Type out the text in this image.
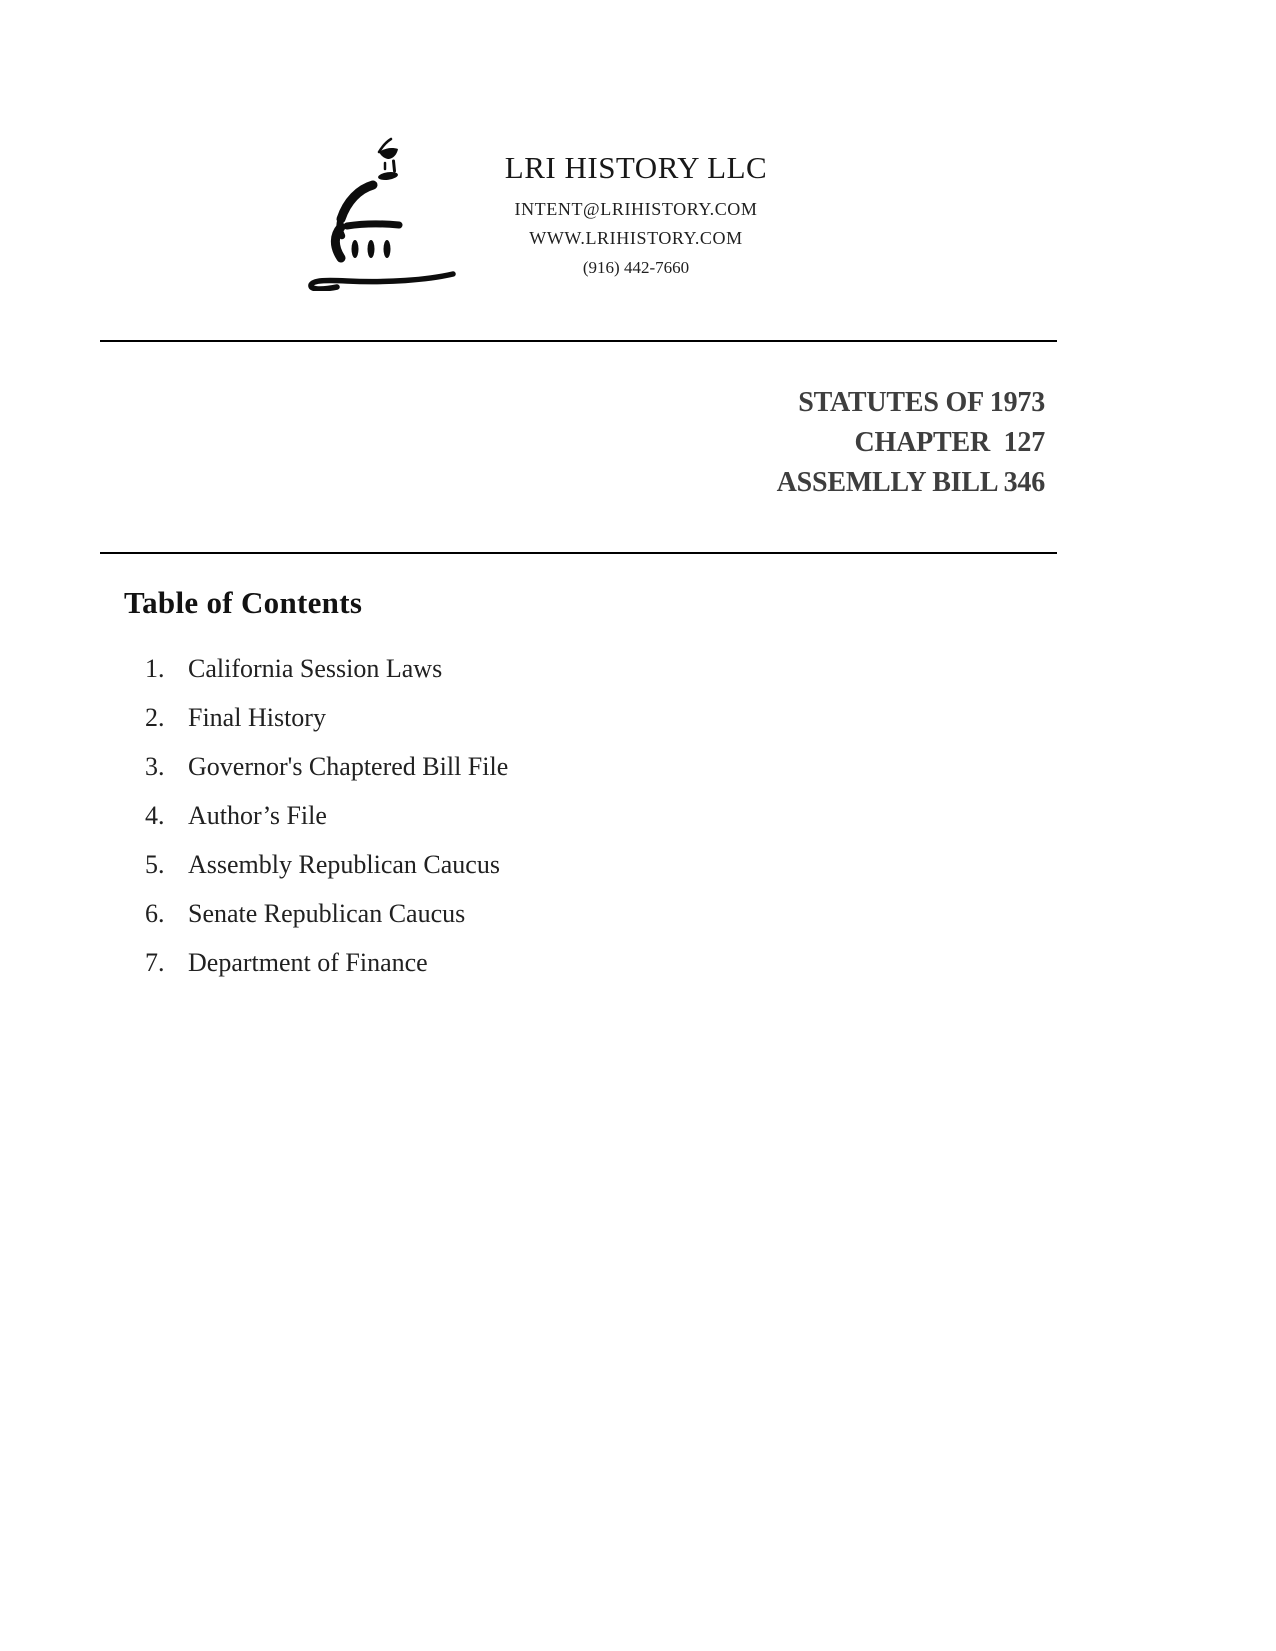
LRI HISTORY LLC
INTENT@LRIHISTORY.COM
WWW.LRIHISTORY.COM
(916) 442-7660
STATUTES OF 1973
CHAPTER  127
ASSEMLLY BILL 346
Table of Contents
1. California Session Laws
2. Final History
3. Governor's Chaptered Bill File
4. Author’s File
5. Assembly Republican Caucus
6. Senate Republican Caucus
7. Department of Finance
